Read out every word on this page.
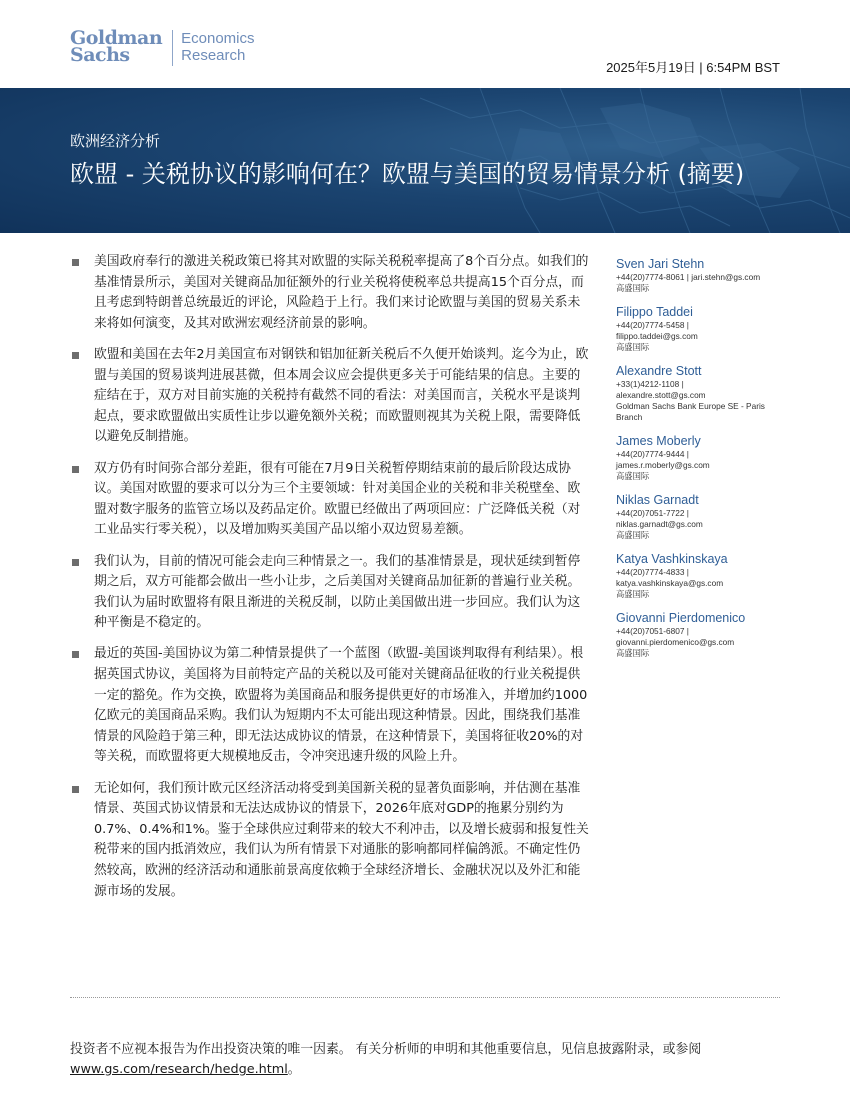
Goldman
Sachs
Economics
Research
2025年5月19日 | 6:54PM BST
欧洲经济分析
欧盟 - 关税协议的影响何在？欧盟与美国的贸易情景分析 (摘要)
美国政府奉行的激进关税政策已将其对欧盟的实际关税税率提高了8个百分点。如我们的基准情景所示，美国对关键商品加征额外的行业关税将使税率总共提高15个百分点，而且考虑到特朗普总统最近的评论，风险趋于上行。我们来讨论欧盟与美国的贸易关系未来将如何演变，及其对欧洲宏观经济前景的影响。
欧盟和美国在去年2月美国宣布对钢铁和铝加征新关税后不久便开始谈判。迄今为止，欧盟与美国的贸易谈判进展甚微，但本周会议应会提供更多关于可能结果的信息。主要的症结在于，双方对目前实施的关税持有截然不同的看法：对美国而言，关税水平是谈判起点，要求欧盟做出实质性让步以避免额外关税；而欧盟则视其为关税上限，需要降低以避免反制措施。
双方仍有时间弥合部分差距，很有可能在7月9日关税暂停期结束前的最后阶段达成协议。美国对欧盟的要求可以分为三个主要领域：针对美国企业的关税和非关税壁垒、欧盟对数字服务的监管立场以及药品定价。欧盟已经做出了两项回应：广泛降低关税（对工业品实行零关税），以及增加购买美国产品以缩小双边贸易差额。
我们认为，目前的情况可能会走向三种情景之一。我们的基准情景是，现状延续到暂停期之后，双方可能都会做出一些小让步，之后美国对关键商品加征新的普遍行业关税。我们认为届时欧盟将有限且渐进的关税反制，以防止美国做出进一步回应。我们认为这种平衡是不稳定的。
最近的英国-美国协议为第二种情景提供了一个蓝图（欧盟-美国谈判取得有利结果）。根据英国式协议，美国将为目前特定产品的关税以及可能对关键商品征收的行业关税提供一定的豁免。作为交换，欧盟将为美国商品和服务提供更好的市场准入，并增加约1000亿欧元的美国商品采购。我们认为短期内不太可能出现这种情景。因此，围绕我们基准情景的风险趋于第三种，即无法达成协议的情景，在这种情景下，美国将征收20%的对等关税，而欧盟将更大规模地反击，令冲突迅速升级的风险上升。
无论如何，我们预计欧元区经济活动将受到美国新关税的显著负面影响，并估测在基准情景、英国式协议情景和无法达成协议的情景下，2026年底对GDP的拖累分别约为0.7%、0.4%和1%。鉴于全球供应过剩带来的较大不利冲击，以及增长疲弱和报复性关税带来的国内抵消效应，我们认为所有情景下对通胀的影响都同样偏鸽派。不确定性仍然较高，欧洲的经济活动和通胀前景高度依赖于全球经济增长、金融状况以及外汇和能源市场的发展。
Sven Jari Stehn
+44(20)7774-8061 | jari.stehn@gs.com
高盛国际
Filippo Taddei
+44(20)7774-5458 |
filippo.taddei@gs.com
高盛国际
Alexandre Stott
+33(1)4212-1108 |
alexandre.stott@gs.com
Goldman Sachs Bank Europe SE - Paris Branch
James Moberly
+44(20)7774-9444 |
james.r.moberly@gs.com
高盛国际
Niklas Garnadt
+44(20)7051-7722 |
niklas.garnadt@gs.com
高盛国际
Katya Vashkinskaya
+44(20)7774-4833 |
katya.vashkinskaya@gs.com
高盛国际
Giovanni Pierdomenico
+44(20)7051-6807 |
giovanni.pierdomenico@gs.com
高盛国际
投资者不应视本报告为作出投资决策的唯一因素。 有关分析师的申明和其他重要信息，见信息披露附录，或参阅www.gs.com/research/hedge.html。
